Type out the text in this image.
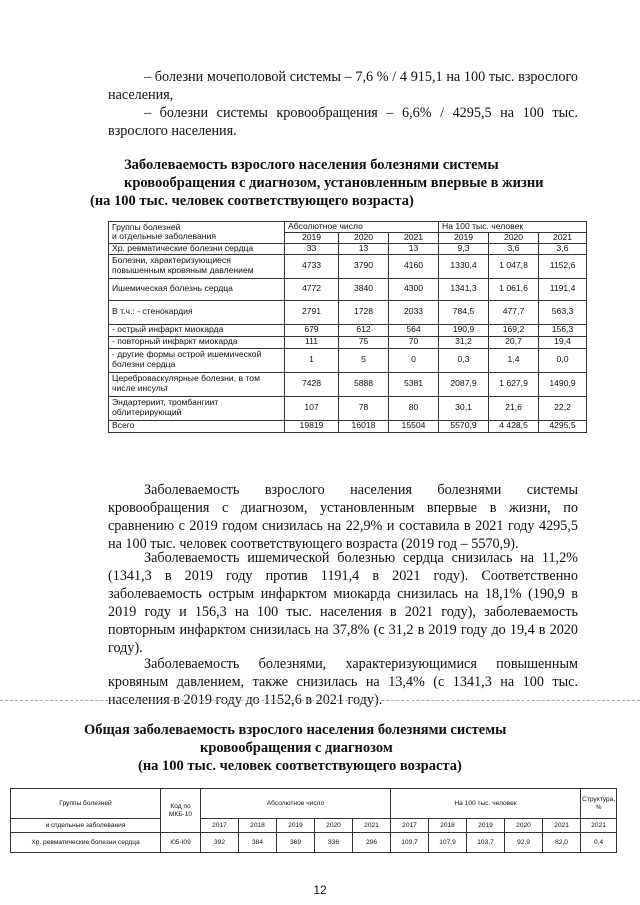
– болезни мочеполовой системы – 7,6 % / 4 915,1 на 100 тыс. взрослого населения,

– болезни системы кровообращения – 6,6% / 4295,5 на 100 тыс. взрослого населения.

Заболеваемость взрослого населения болезнями системы

кровообращения с диагнозом, установленным впервые в жизни

(на 100 тыс. человек соответствующего возраста)

Группы болезней
и отдельные заболевания	Абсолютное число			На 100 тыс. человек		
	2019	2020	2021	2019	2020	2021
Хр. ревматические болезни сердца	33	13	13	9,3	3,6	3,6
Болезни, характеризующиеся повышенным кровяным давлением	4733	3790	4160	1330,4	1 047,8	1152,6
Ишемическая болезнь сердца	4772	3840	4300	1341,3	1 061,6	1191,4
В т.ч.: - стенокардия	2791	1728	2033	784,5	477,7	563,3
- острый инфаркт миокарда	679	612	564	190,9	169,2	156,3
- повторный инфаркт миокарда	111	75	70	31,2	20,7	19,4
- другие формы острой ишемической болезни сердца	1	5	0	0,3	1,4	0,0
Цереброваскулярные болезни, в том числе инсульт	7428	5888	5381	2087,9	1 627,9	1490,9
Эндартериит, тромбангиит облитерирующий	107	78	80	30,1	21,6	22,2
Всего	19819	16018	15504	5570,9	4 428,5	4295,5

Заболеваемость взрослого населения болезнями системы кровообращения с диагнозом, установленным впервые в жизни, по сравнению с 2019 годом снизилась на 22,9% и составила в 2021 году 4295,5 на 100 тыс. человек соответствующего возраста (2019 год – 5570,9).

Заболеваемость ишемической болезнью сердца снизилась на 11,2% (1341,3 в 2019 году против 1191,4 в 2021 году). Соответственно заболеваемость острым инфарктом миокарда снизилась на 18,1% (190,9 в 2019 году и 156,3 на 100 тыс. населения в 2021 году), заболеваемость повторным инфарктом снизилась на 37,8% (с 31,2 в 2019 году до 19,4 в 2020 году).

Заболеваемость болезнями, характеризующимися повышенным кровяным давлением, также снизилась на 13,4% (с 1341,3 на 100 тыс. населения в 2019 году до 1152,6 в 2021 году).

Общая заболеваемость взрослого населения болезнями системы

кровообращения с диагнозом

(на 100 тыс. человек соответствующего возраста)

Группы болезней	Код по МКБ-10	Абсолютное число					На 100 тыс. человек					Структура, %
и отдельные заболевания		2017	2018	2019	2020	2021	2017	2018	2019	2020	2021	2021
Хр. ревматические болезни сердца	I05-I09	392	384	369	336	296	109,7	107,9	103,7	92,9	82,0	0,4
12
